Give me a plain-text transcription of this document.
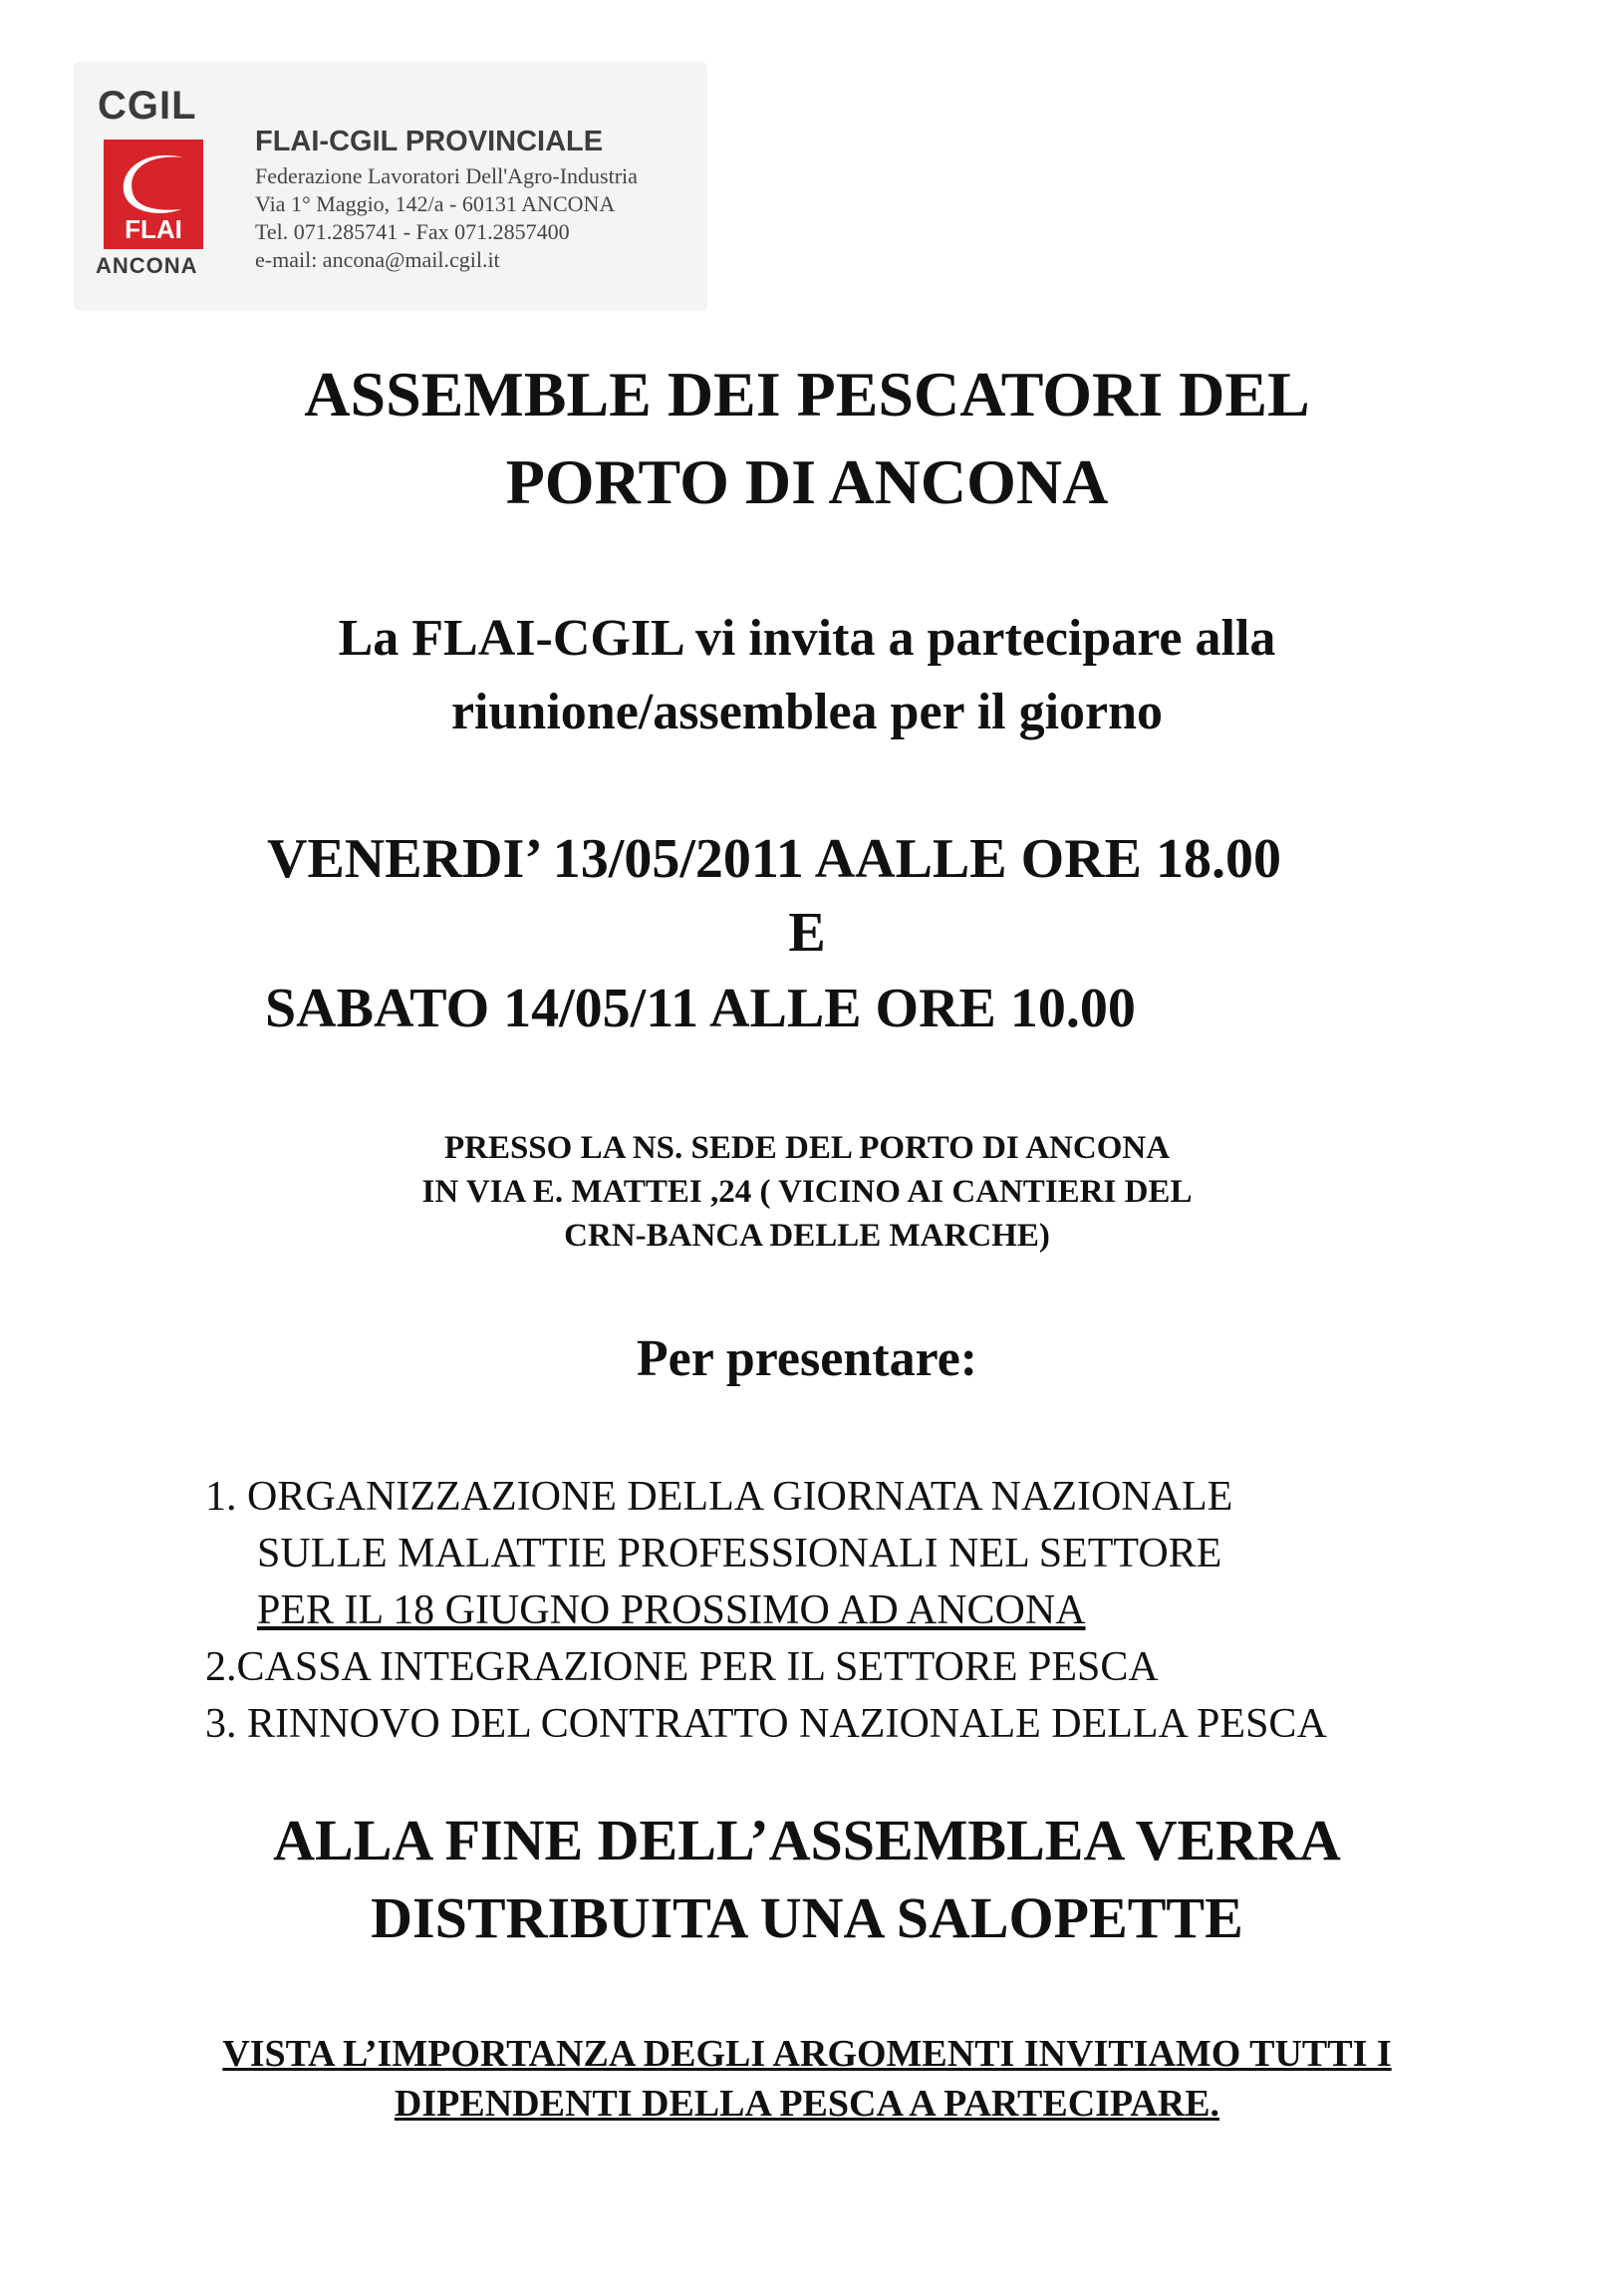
CGIL
FLAI
ANCONA
FLAI-CGIL PROVINCIALE
Federazione Lavoratori Dell'Agro-Industria
Via 1° Maggio, 142/a - 60131 ANCONA
Tel. 071.285741 - Fax 071.2857400
e-mail: ancona@mail.cgil.it
ASSEMBLE DEI PESCATORI DEL
PORTO DI ANCONA
La FLAI-CGIL vi invita a partecipare alla
riunione/assemblea per il giorno
VENERDI’ 13/05/2011 AALLE ORE 18.00
E
SABATO 14/05/11 ALLE ORE 10.00
PRESSO LA NS. SEDE DEL PORTO DI ANCONA
IN VIA E. MATTEI ,24 ( VICINO AI CANTIERI DEL
CRN-BANCA DELLE MARCHE)
Per presentare:
1. ORGANIZZAZIONE DELLA GIORNATA NAZIONALE
SULLE MALATTIE PROFESSIONALI NEL SETTORE
PER IL 18 GIUGNO PROSSIMO AD ANCONA
2.CASSA INTEGRAZIONE PER IL SETTORE PESCA
3. RINNOVO DEL CONTRATTO NAZIONALE DELLA PESCA
ALLA FINE DELL’ASSEMBLEA VERRA
DISTRIBUITA UNA SALOPETTE
VISTA L’IMPORTANZA DEGLI ARGOMENTI INVITIAMO TUTTI I
DIPENDENTI DELLA PESCA A PARTECIPARE.
